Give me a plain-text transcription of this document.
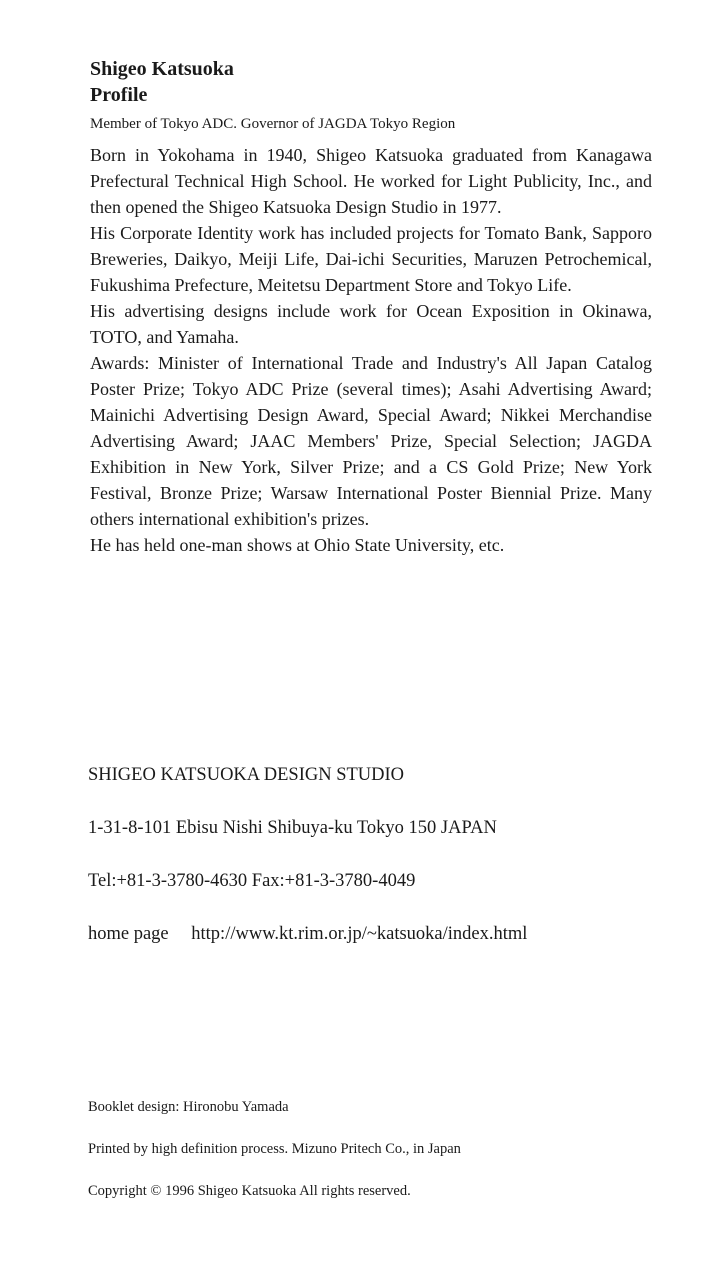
Shigeo Katsuoka
Profile
Member of Tokyo ADC. Governor of JAGDA Tokyo Region

Born in Yokohama in 1940, Shigeo Katsuoka graduated from Kanagawa Prefectural Technical High School. He worked for Light Publicity, Inc., and then opened the Shigeo Katsuoka Design Studio in 1977.

His Corporate Identity work has included projects for Tomato Bank, Sapporo Breweries, Daikyo, Meiji Life, Dai-ichi Securities, Maruzen Petrochemical, Fukushima Prefecture, Meitetsu Department Store and Tokyo Life.

His advertising designs include work for Ocean Exposition in Okinawa, TOTO, and Yamaha.

Awards: Minister of International Trade and Industry's All Japan Catalog Poster Prize; Tokyo ADC Prize (several times); Asahi Advertising Award; Mainichi Advertising Design Award, Special Award; Nikkei Merchandise Advertising Award; JAAC Members' Prize, Special Selection; JAGDA Exhibition in New York, Silver Prize; and a CS Gold Prize; New York Festival, Bronze Prize; Warsaw International Poster Biennial Prize. Many others international exhibition's prizes.

He has held one-man shows at Ohio State University, etc.

SHIGEO KATSUOKA DESIGN STUDIO
1-31-8-101 Ebisu Nishi Shibuya-ku Tokyo 150 JAPAN
Tel:+81-3-3780-4630 Fax:+81-3-3780-4049
home page http://www.kt.rim.or.jp/~katsuoka/index.html
Booklet design: Hironobu Yamada
Printed by high definition process. Mizuno Pritech Co., in Japan
Copyright © 1996 Shigeo Katsuoka All rights reserved.
